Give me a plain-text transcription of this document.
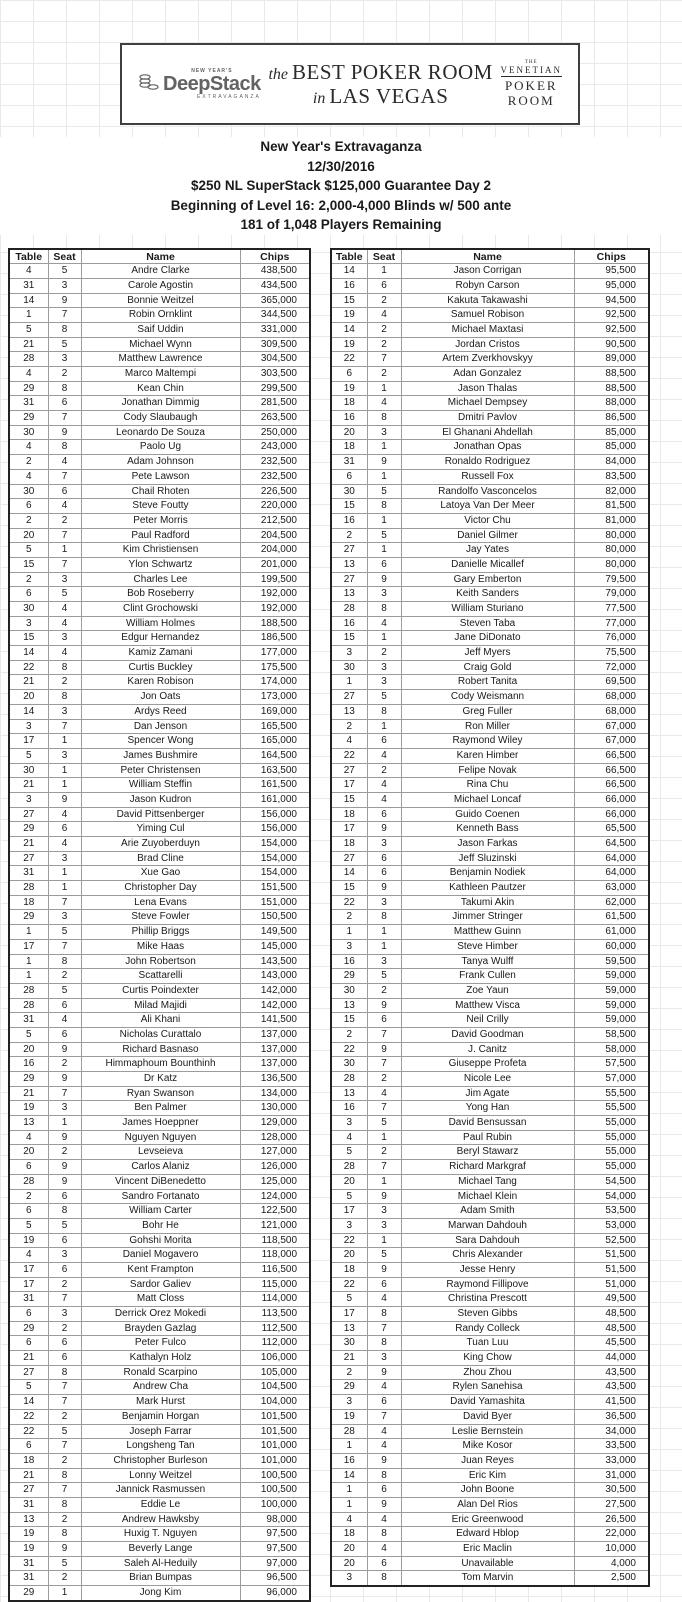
NEW YEAR'S
DeepStack
EXTRAVAGANZA
the BEST POKER ROOM
in LAS VEGAS
THE
VENETIAN
POKER
ROOM
New Year's Extravaganza
12/30/2016
$250 NL SuperStack $125,000 Guarantee Day 2
Beginning of Level 16: 2,000-4,000 Blinds w/ 500 ante
181 of 1,048 Players Remaining
Table	Seat	Name	Chips
4	5	Andre Clarke	438,500
31	3	Carole Agostin	434,500
14	9	Bonnie Weitzel	365,000
1	7	Robin Ornklint	344,500
5	8	Saif Uddin	331,000
21	5	Michael Wynn	309,500
28	3	Matthew Lawrence	304,500
4	2	Marco Maltempi	303,500
29	8	Kean Chin	299,500
31	6	Jonathan Dimmig	281,500
29	7	Cody Slaubaugh	263,500
30	9	Leonardo De Souza	250,000
4	8	Paolo Ug	243,000
2	4	Adam Johnson	232,500
4	7	Pete Lawson	232,500
30	6	Chail Rhoten	226,500
6	4	Steve Foutty	220,000
2	2	Peter Morris	212,500
20	7	Paul Radford	204,500
5	1	Kim Christiensen	204,000
15	7	Ylon Schwartz	201,000
2	3	Charles Lee	199,500
6	5	Bob Roseberry	192,000
30	4	Clint Grochowski	192,000
3	4	William Holmes	188,500
15	3	Edgur Hernandez	186,500
14	4	Kamiz Zamani	177,000
22	8	Curtis Buckley	175,500
21	2	Karen Robison	174,000
20	8	Jon Oats	173,000
14	3	Ardys Reed	169,000
3	7	Dan Jenson	165,500
17	1	Spencer Wong	165,000
5	3	James Bushmire	164,500
30	1	Peter Christensen	163,500
21	1	William Steffin	161,500
3	9	Jason Kudron	161,000
27	4	David Pittsenberger	156,000
29	6	Yiming Cul	156,000
21	4	Arie Zuyoberduyn	154,000
27	3	Brad Cline	154,000
31	1	Xue Gao	154,000
28	1	Christopher Day	151,500
18	7	Lena Evans	151,000
29	3	Steve Fowler	150,500
1	5	Phillip Briggs	149,500
17	7	Mike Haas	145,000
1	8	John Robertson	143,500
1	2	Scattarelli	143,000
28	5	Curtis Poindexter	142,000
28	6	Milad Majidi	142,000
31	4	Ali Khani	141,500
5	6	Nicholas Curattalo	137,000
20	9	Richard Basnaso	137,000
16	2	Himmaphoum Bounthinh	137,000
29	9	Dr Katz	136,500
21	7	Ryan Swanson	134,000
19	3	Ben Palmer	130,000
13	1	James Hoeppner	129,000
4	9	Nguyen Nguyen	128,000
20	2	Levseieva	127,000
6	9	Carlos Alaniz	126,000
28	9	Vincent DiBenedetto	125,000
2	6	Sandro Fortanato	124,000
6	8	William Carter	122,500
5	5	Bohr He	121,000
19	6	Gohshi Morita	118,500
4	3	Daniel Mogavero	118,000
17	6	Kent Frampton	116,500
17	2	Sardor Galiev	115,000
31	7	Matt Closs	114,000
6	3	Derrick Orez Mokedi	113,500
29	2	Brayden Gazlag	112,500
6	6	Peter Fulco	112,000
21	6	Kathalyn Holz	106,000
27	8	Ronald Scarpino	105,000
5	7	Andrew Cha	104,500
14	7	Mark Hurst	104,000
22	2	Benjamin Horgan	101,500
22	5	Joseph Farrar	101,500
6	7	Longsheng Tan	101,000
18	2	Christopher Burleson	101,000
21	8	Lonny Weitzel	100,500
27	7	Jannick Rasmussen	100,500
31	8	Eddie Le	100,000
13	2	Andrew Hawksby	98,000
19	8	Huxig T. Nguyen	97,500
19	9	Beverly Lange	97,500
31	5	Saleh Al-Heduily	97,000
31	2	Brian Bumpas	96,500
29	1	Jong Kim	96,000
Table	Seat	Name	Chips
14	1	Jason Corrigan	95,500
16	6	Robyn Carson	95,000
15	2	Kakuta Takawashi	94,500
19	4	Samuel Robison	92,500
14	2	Michael Maxtasi	92,500
19	2	Jordan Cristos	90,500
22	7	Artem Zverkhovskyy	89,000
6	2	Adan Gonzalez	88,500
19	1	Jason Thalas	88,500
18	4	Michael Dempsey	88,000
16	8	Dmitri Pavlov	86,500
20	3	El Ghanani Ahdellah	85,000
18	1	Jonathan Opas	85,000
31	9	Ronaldo Rodriguez	84,000
6	1	Russell Fox	83,500
30	5	Randolfo Vasconcelos	82,000
15	8	Latoya Van Der Meer	81,500
16	1	Victor Chu	81,000
2	5	Daniel Gilmer	80,000
27	1	Jay Yates	80,000
13	6	Danielle Micallef	80,000
27	9	Gary Emberton	79,500
13	3	Keith Sanders	79,000
28	8	William Sturiano	77,500
16	4	Steven Taba	77,000
15	1	Jane DiDonato	76,000
3	2	Jeff Myers	75,500
30	3	Craig Gold	72,000
1	3	Robert Tanita	69,500
27	5	Cody Weismann	68,000
13	8	Greg Fuller	68,000
2	1	Ron Miller	67,000
4	6	Raymond Wiley	67,000
22	4	Karen Himber	66,500
27	2	Felipe Novak	66,500
17	4	Rina Chu	66,500
15	4	Michael Loncaf	66,000
18	6	Guido Coenen	66,000
17	9	Kenneth Bass	65,500
18	3	Jason Farkas	64,500
27	6	Jeff Sluzinski	64,000
14	6	Benjamin Nodiek	64,000
15	9	Kathleen Pautzer	63,000
22	3	Takumi Akin	62,000
2	8	Jimmer Stringer	61,500
1	1	Matthew Guinn	61,000
3	1	Steve Himber	60,000
16	3	Tanya Wulff	59,500
29	5	Frank Cullen	59,000
30	2	Zoe Yaun	59,000
13	9	Matthew Visca	59,000
15	6	Neil Crilly	59,000
2	7	David Goodman	58,500
22	9	J. Canitz	58,000
30	7	Giuseppe Profeta	57,500
28	2	Nicole Lee	57,000
13	4	Jim Agate	55,500
16	7	Yong Han	55,500
3	5	David Bensussan	55,000
4	1	Paul Rubin	55,000
5	2	Beryl Stawarz	55,000
28	7	Richard Markgraf	55,000
20	1	Michael Tang	54,500
5	9	Michael Klein	54,000
17	3	Adam Smith	53,500
3	3	Marwan Dahdouh	53,000
22	1	Sara Dahdouh	52,500
20	5	Chris Alexander	51,500
18	9	Jesse Henry	51,500
22	6	Raymond Fillipove	51,000
5	4	Christina Prescott	49,500
17	8	Steven Gibbs	48,500
13	7	Randy Colleck	48,500
30	8	Tuan Luu	45,500
21	3	King Chow	44,000
2	9	Zhou Zhou	43,500
29	4	Rylen Sanehisa	43,500
3	6	David Yamashita	41,500
19	7	David Byer	36,500
28	4	Leslie Bernstein	34,000
1	4	Mike Kosor	33,500
16	9	Juan Reyes	33,000
14	8	Eric Kim	31,000
1	6	John Boone	30,500
1	9	Alan Del Rios	27,500
4	4	Eric Greenwood	26,500
18	8	Edward Hblop	22,000
20	4	Eric Maclin	10,000
20	6	Unavailable	4,000
3	8	Tom Marvin	2,500
